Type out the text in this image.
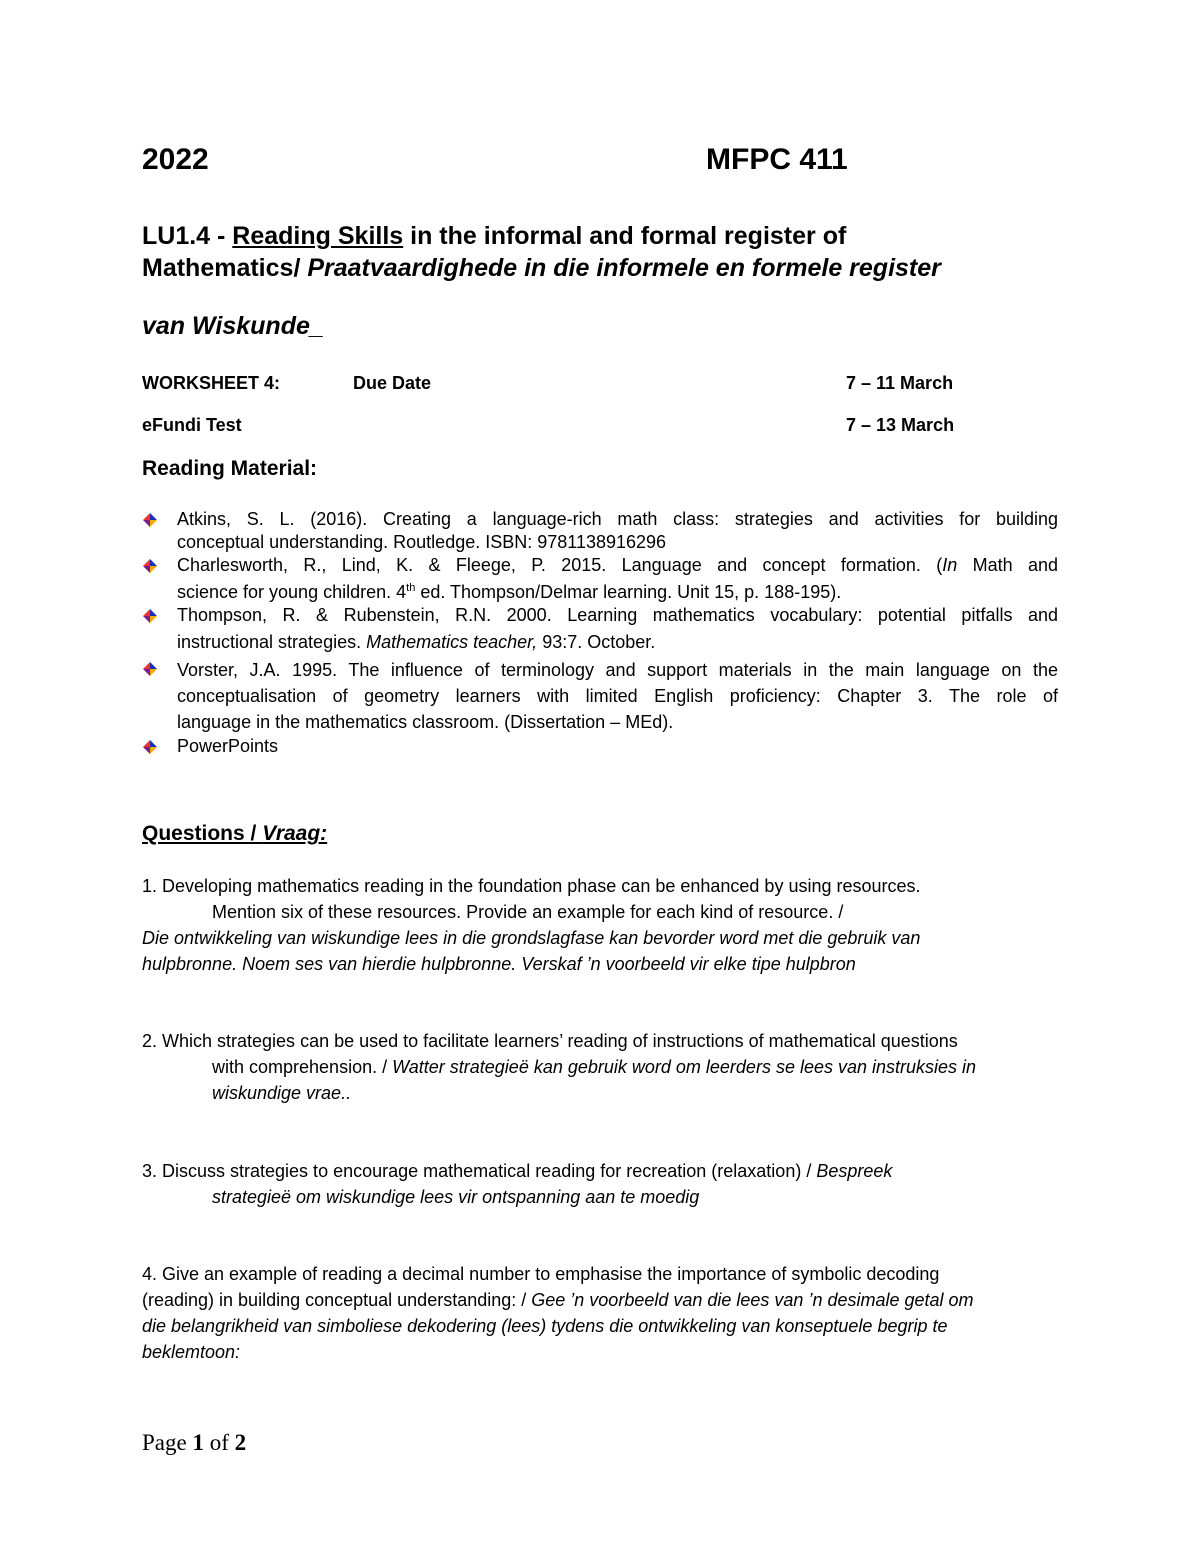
2022	MFPC 411
LU1.4 - Reading Skills in the informal and formal register of
Mathematics/ Praatvaardighede in die informele en formele register
van Wiskunde_
WORKSHEET 4:	Due Date	7 – 11 March
eFundi Test	7 – 13 March
Reading Material:
Atkins, S. L. (2016). Creating a language-rich math class: strategies and activities for building
conceptual understanding. Routledge. ISBN: 9781138916296
Charlesworth, R., Lind, K. & Fleege, P. 2015. Language and concept formation. (In Math and
science for young children. 4th ed. Thompson/Delmar learning. Unit 15, p. 188-195).
Thompson, R. & Rubenstein, R.N. 2000. Learning mathematics vocabulary: potential pitfalls and
instructional strategies. Mathematics teacher, 93:7. October.
Vorster, J.A. 1995. The influence of terminology and support materials in the main language on the
conceptualisation of geometry learners with limited English proficiency: Chapter 3. The role of
language in the mathematics classroom. (Dissertation – MEd).
PowerPoints
Questions / Vraag:
1. Developing mathematics reading in the foundation phase can be enhanced by using resources.
Mention six of these resources. Provide an example for each kind of resource. /
Die ontwikkeling van wiskundige lees in die grondslagfase kan bevorder word met die gebruik van
hulpbronne. Noem ses van hierdie hulpbronne. Verskaf ’n voorbeeld vir elke tipe hulpbron
2. Which strategies can be used to facilitate learners’ reading of instructions of mathematical questions
with comprehension. / Watter strategieë kan gebruik word om leerders se lees van instruksies in
wiskundige vrae..
3. Discuss strategies to encourage mathematical reading for recreation (relaxation) / Bespreek
strategieë om wiskundige lees vir ontspanning aan te moedig
4. Give an example of reading a decimal number to emphasise the importance of symbolic decoding
(reading) in building conceptual understanding: / Gee ’n voorbeeld van die lees van ’n desimale getal om
die belangrikheid van simboliese dekodering (lees) tydens die ontwikkeling van konseptuele begrip te
beklemtoon:
Page 1 of 2
